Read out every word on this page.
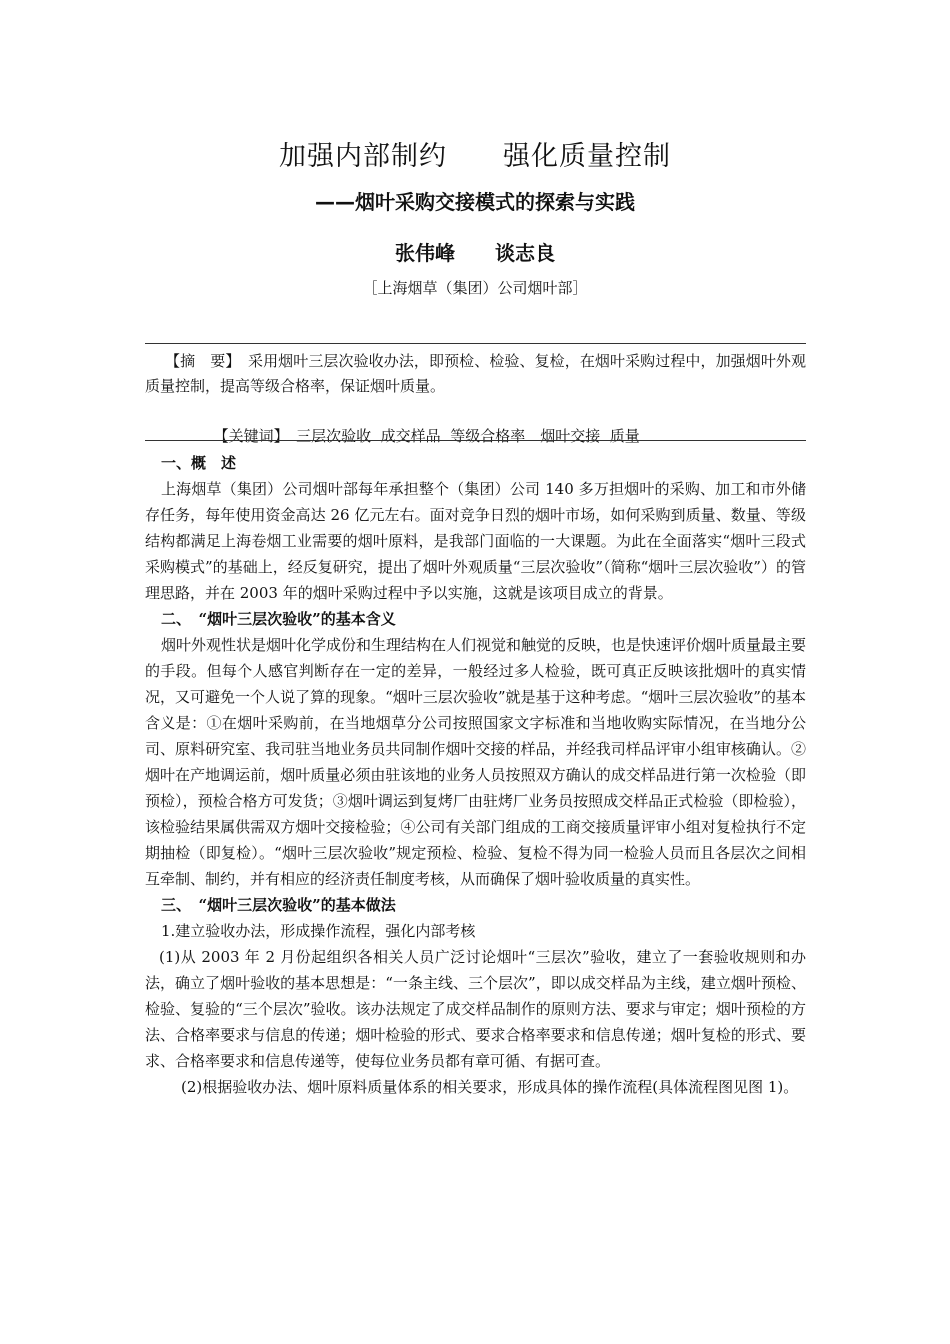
加强内部制约　　强化质量控制
——烟叶采购交接模式的探索与实践
张伟峰　　谈志良
［上海烟草（集团）公司烟叶部］

【摘　要】　采用烟叶三层次验收办法，即预检、检验、复检，在烟叶采购过程中，加强烟叶外观质量控制，提高等级合格率，保证烟叶质量。

【关键词】　三层次验收  成交样品  等级合格率　烟叶交接  质量

一、概　述

上海烟草（集团）公司烟叶部每年承担整个（集团）公司 140 多万担烟叶的采购、加工和市外储存任务，每年使用资金高达 26 亿元左右。面对竞争日烈的烟叶市场，如何采购到质量、数量、等级结构都满足上海卷烟工业需要的烟叶原料，是我部门面临的一大课题。为此在全面落实“烟叶三段式采购模式”的基础上，经反复研究，提出了烟叶外观质量“三层次验收”（简称“烟叶三层次验收”）的管理思路，并在 2003 年的烟叶采购过程中予以实施，这就是该项目成立的背景。

二、　“烟叶三层次验收”的基本含义

烟叶外观性状是烟叶化学成份和生理结构在人们视觉和触觉的反映，也是快速评价烟叶质量最主要的手段。但每个人感官判断存在一定的差异，一般经过多人检验，既可真正反映该批烟叶的真实情况，又可避免一个人说了算的现象。“烟叶三层次验收”就是基于这种考虑。“烟叶三层次验收”的基本含义是：①在烟叶采购前，在当地烟草分公司按照国家文字标准和当地收购实际情况，在当地分公司、原料研究室、我司驻当地业务员共同制作烟叶交接的样品，并经我司样品评审小组审核确认。②烟叶在产地调运前，烟叶质量必须由驻该地的业务人员按照双方确认的成交样品进行第一次检验（即预检），预检合格方可发货；③烟叶调运到复烤厂由驻烤厂业务员按照成交样品正式检验（即检验），该检验结果属供需双方烟叶交接检验；④公司有关部门组成的工商交接质量评审小组对复检执行不定期抽检（即复检）。“烟叶三层次验收”规定预检、检验、复检不得为同一检验人员而且各层次之间相互牵制、制约，并有相应的经济责任制度考核，从而确保了烟叶验收质量的真实性。

三、　“烟叶三层次验收”的基本做法

1.建立验收办法，形成操作流程，强化内部考核

(1)从 2003 年 2 月份起组织各相关人员广泛讨论烟叶“三层次”验收，建立了一套验收规则和办法，确立了烟叶验收的基本思想是：“一条主线、三个层次”，即以成交样品为主线，建立烟叶预检、检验、复验的“三个层次”验收。该办法规定了成交样品制作的原则方法、要求与审定；烟叶预检的方法、合格率要求与信息的传递；烟叶检验的形式、要求合格率要求和信息传递；烟叶复检的形式、要求、合格率要求和信息传递等，使每位业务员都有章可循、有据可查。

(2)根据验收办法、烟叶原料质量体系的相关要求，形成具体的操作流程(具体流程图见图 1)。
